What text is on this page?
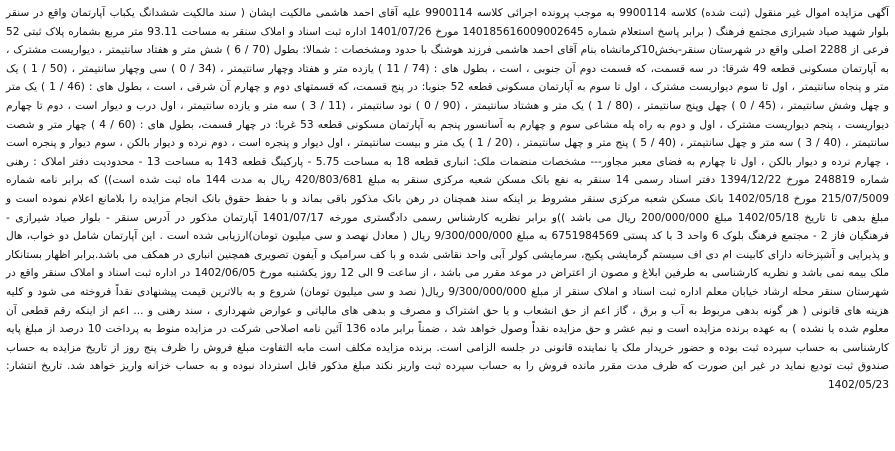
آگهی مزایده اموال غیر منقول (ثبت شده) کلاسه 9900114 به موجب پرونده اجرائی کلاسه 9900114 علیه آقای احمد هاشمی مالکیت ایشان ( سند مالکیت ششدانگ یکباب آپارتمان واقع در سنقر بلوار شهید صیاد شیرازی مجتمع فرهنگ ( برابر پاسخ استعلام شماره 140185616009002645 مورخ 1401/07/26 اداره ثبت اسناد و املاک سنقر به مساحت 93.11 متر مربع بشماره پلاک ثبتی 52 فرعی از 2288 اصلی واقع در شهرستان سنقر-بخش10کرمانشاه بنام آقای احمد هاشمی فرزند هوشنگ با حدود ومشخصات : شمالا: بطول (70 / 6 ) شش متر و هفتاد سانتیمتر ، دیواریست مشترک ، به آپارتمان مسکونی قطعه 49 شرقا: در سه قسمت، که قسمت دوم آن جنوبی ، است ، بطول های : (74 / 11 ) یازده متر و هفتاد وچهار سانتیمتر ، (34 / 0 ) سی وچهار سانتیمتر ، (50 / 1 ) یک متر و پنجاه سانتیمتر ، اول تا سوم دیواریست مشترک ، اول تا سوم به آپارتمان مسکونی قطعه 52 جنوبا: در پنج قسمت، که قسمتهای دوم و چهارم آن شرقی ، است ، بطول های : (46 / 1 ) یک متر و چهل وشش سانتیمتر ، (45 / 0 ) چهل وپنج سانتیمتر ، (80 / 1 ) یک متر و هشتاد سانتیمتر ، (90 / 0 ) نود سانتیمتر ، (11 / 3 ) سه متر و یازده سانتیمتر ، اول درب و دیوار است ، دوم تا چهارم دیواریست ، پنجم دیواریست مشترک ، اول و دوم به راه پله مشاعی سوم و چهارم به آسانسور پنجم به آپارتمان مسکونی قطعه 53 غربا: در چهار قسمت، بطول های : (60 / 4 ) چهار متر و شصت سانتیمتر ، (40 / 3 ) سه متر و چهل سانتیمتر ، (40 / 5 ) پنج متر و چهل سانتیمتر ، (20 / 1 ) یک متر و بیست سانتیمتر ، اول دیوار و پنجره است ، دوم نرده و دیوار بالکن ، سوم دیوار و پنجره است ، چهارم نرده و دیوار بالکن ، اول تا چهارم به فضای معبر مجاور--- مشخصات منضمات ملک: انباری قطعه 18 به مساحت 5.75 - پارکینگ قطعه 143 به مساحت 13 - محدودیت دفتر املاک : رهنی شماره 248819 مورخ 1394/12/22 دفتر اسناد رسمی 14 سنقر به نفع بانک مسکن شعبه مرکزی سنقر به مبلغ 420/803/681 ریال به مدت 144 ماه ثبت شده است)) که برابر نامه شماره 215/07/5009 مورخ 1402/05/18 بانک مسکن شعبه مرکزی سنقر مشروط بر اینکه سند همچنان در رهن بانک مذکور باقی بماند و با حفظ حقوق بانک انجام مزایده را بلامانع اعلام نموده است و مبلغ بدهی تا تاریخ 1402/05/18 مبلغ 200/000/000 ریال می باشد ))و برابر نظریه کارشناس رسمی دادگستری مورخه 1401/07/17 آپارتمان مذکور در آدرس سنقر - بلوار صیاد شیرازی - فرهنگیان فاز 2 - مجتمع فرهنگ بلوک 6 واحد 3 با کد پستی 6751984569 به مبلغ 9/300/000/000 ریال ( معادل نهصد و سی میلیون تومان)ارزیابی شده است . این آپارتمان شامل دو خواب، هال و پذیرایی و آشپزخانه دارای کابینت ام دی اف سیستم گرمایشی پکیج، سرمایشی کولر آبی واحد نقاشی شده و با کف سرامیک و آیفون تصویری همچنین انباری در همکف می باشد.برابر اظهار بستانکار ملک بیمه نمی باشد و نظریه کارشناسی به طرفین ابلاغ و مصون از اعتراض در موعد مقرر می باشد ، از ساعت 9 الی 12 روز یکشنبه مورخ 1402/06/05 در اداره ثبت اسناد و املاک سنقر واقع در شهرستان سنقر محله ارشاد خیابان معلم اداره ثبت اسناد و املاک سنقر از مبلغ 9/300/000/000 ریال( نصد و سی میلیون تومان) شروع و به بالاترین قیمت پیشنهادی نقداً فروخته می شود و کلیه هزینه های قانونی ( هر گونه بدهی مربوط به آب و برق ، گاز اعم از حق انشعاب و یا حق اشتراک و مصرف و بدهی های مالیاتی و عوارض شهرداری ، سند رهنی و ... اعم از اینکه رقم قطعی آن معلوم شده یا نشده ) به عهده برنده مزایده است و نیم عشر و حق مزایده نقداً وصول خواهد شد ، ضمناً برابر ماده 136 آئین نامه اصلاحی شرکت در مزایده منوط به پرداخت 10 درصد از مبلغ پایه کارشناسی به حساب سپرده ثبت بوده و حضور خریدار ملک یا نماینده قانونی در جلسه الزامی است. برنده مزایده مکلف است مابه التفاوت مبلغ فروش را ظرف پنج روز از تاریخ مزایده به حساب صندوق ثبت تودیع نماید در غیر این صورت که ظرف مدت مقرر مانده فروش را به حساب سپرده ثبت واریز نکند مبلغ مذکور قابل استرداد نبوده و به حساب خزانه واریز خواهد شد. تاریخ انتشار: 1402/05/23
